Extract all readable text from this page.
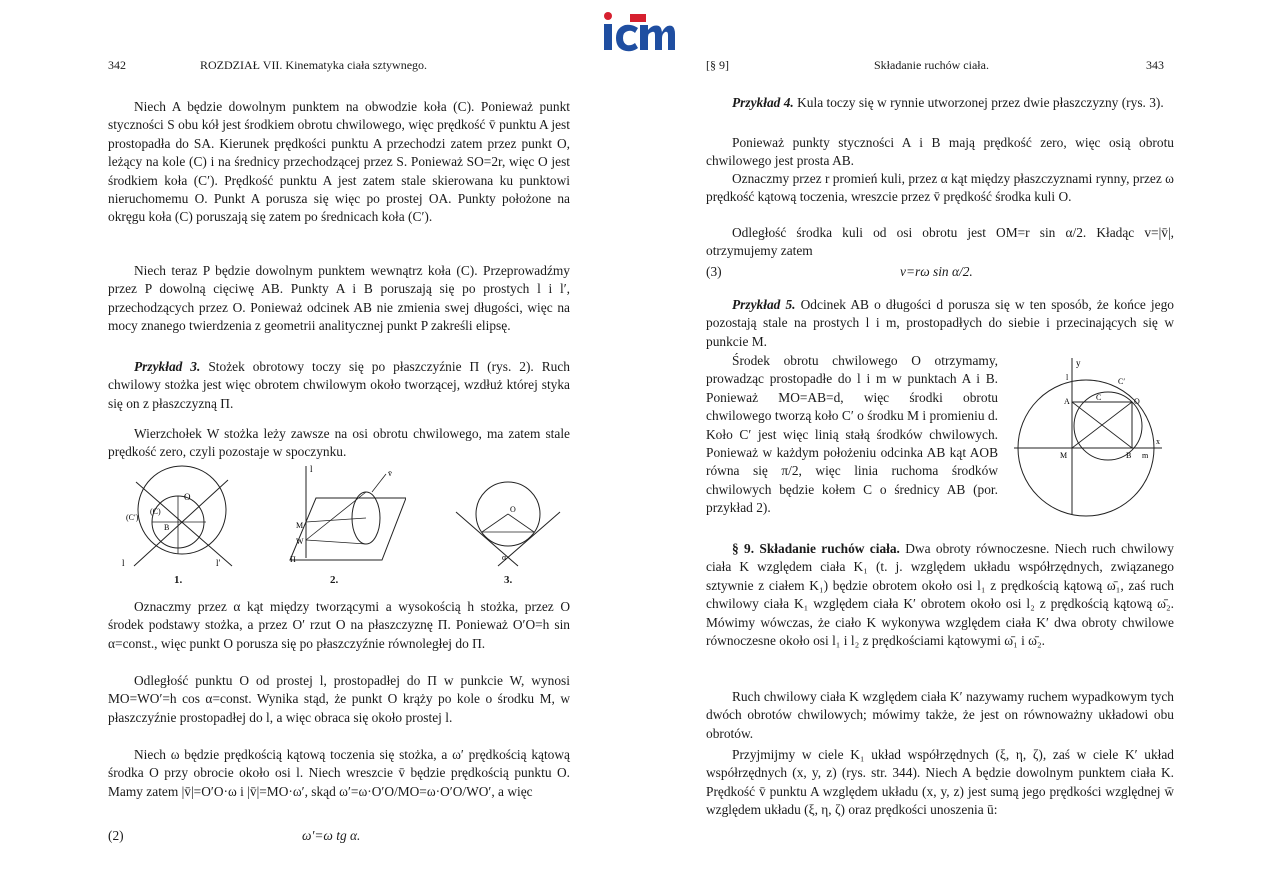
342	ROZDZIAŁ VII. Kinematyka ciała sztywnego.

Niech A będzie dowolnym punktem na obwodzie koła (C). Ponieważ punkt styczności S obu kół jest środkiem obrotu chwilowego, więc prędkość v̄ punktu A jest prostopadła do SA. Kierunek prędkości punktu A przechodzi zatem przez punkt O, leżący na kole (C) i na średnicy przechodzącej przez S. Ponieważ SO=2r, więc O jest środkiem koła (C′). Prędkość punktu A jest zatem stale skierowana ku punktowi nieruchomemu O. Punkt A porusza się więc po prostej OA. Punkty położone na okręgu koła (C) poruszają się zatem po średnicach koła (C′).

Niech teraz P będzie dowolnym punktem wewnątrz koła (C). Przeprowadźmy przez P dowolną cięciwę AB. Punkty A i B poruszają się po prostych l i l′, przechodzących przez O. Ponieważ odcinek AB nie zmienia swej długości, więc na mocy znanego twierdzenia z geometrii analitycznej punkt P zakreśli elipsę.

Przykład 3. Stożek obrotowy toczy się po płaszczyźnie Π (rys. 2). Ruch chwilowy stożka jest więc obrotem chwilowym około tworzącej, wzdłuż której styka się on z płaszczyzną Π.

Wierzchołek W stożka leży zawsze na osi obrotu chwilowego, ma zatem stale prędkość zero, czyli pozostaje w spoczynku.

O
B
(C′)
(C)
l	l′
1.
l	v̄
M
W
Π
2.
O
α
3.

Oznaczmy przez α kąt między tworzącymi a wysokością h stożka, przez O środek podstawy stożka, a przez O′ rzut O na płaszczyznę Π. Ponieważ O′O=h sin α=const., więc punkt O porusza się po płaszczyźnie równoległej do Π.

Odległość punktu O od prostej l, prostopadłej do Π w punkcie W, wynosi MO=WO′=h cos α=const. Wynika stąd, że punkt O krąży po kole o środku M, w płaszczyźnie prostopadłej do l, a więc obraca się około prostej l.

Niech ω będzie prędkością kątową toczenia się stożka, a ω′ prędkością kątową środka O przy obrocie około osi l. Niech wreszcie v̄ będzie prędkością punktu O. Mamy zatem |v̄|=O′O·ω i |v̄|=MO·ω′, skąd ω′=ω·O′O/MO=ω·O′O/WO′, a więc

(2)	ω′=ω tg α.
[§ 9]	Składanie ruchów ciała.	343

Przykład 4. Kula toczy się w rynnie utworzonej przez dwie płaszczyzny (rys. 3).

Ponieważ punkty styczności A i B mają prędkość zero, więc osią obrotu chwilowego jest prosta AB.

Oznaczmy przez r promień kuli, przez α kąt między płaszczyznami rynny, przez ω prędkość kątową toczenia, wreszcie przez v̄ prędkość środka kuli O.

Odległość środka kuli od osi obrotu jest OM=r sin α/2. Kładąc v=|v̄|, otrzymujemy zatem

(3)	v=rω sin α/2.

Przykład 5. Odcinek AB o długości d porusza się w ten sposób, że końce jego pozostają stale na prostych l i m, prostopadłych do siebie i przecinających się w punkcie M.

Środek obrotu chwilowego O otrzymamy, prowadząc prostopadłe do l i m w punktach A i B. Ponieważ MO=AB=d, więc środki obrotu chwilowego tworzą koło C′ o środku M i promieniu d. Koło C′ jest więc linią stałą środków chwilowych. Ponieważ w każdym położeniu odcinka AB kąt AOB równa się π/2, więc linia ruchoma środków chwilowych będzie kołem C o średnicy AB (por. przykład 2).

y
A	O
C′
C
M	B m
x
l

§ 9. Składanie ruchów ciała. Dwa obroty równoczesne. Niech ruch chwilowy ciała K względem ciała K₁ (t. j. względem układu współrzędnych, związanego sztywnie z ciałem K₁) będzie obrotem około osi l₁ z prędkością kątową ω̄₁, zaś ruch chwilowy ciała K₁ względem ciała K′ obrotem około osi l₂ z prędkością kątową ω̄₂. Mówimy wówczas, że ciało K wykonywa względem ciała K′ dwa obroty chwilowe równoczesne około osi l₁ i l₂ z prędkościami kątowymi ω̄₁ i ω̄₂.

Ruch chwilowy ciała K względem ciała K′ nazywamy ruchem wypadkowym tych dwóch obrotów chwilowych; mówimy także, że jest on równoważny układowi obu obrotów.

Przyjmijmy w ciele K₁ układ współrzędnych (ξ, η, ζ), zaś w ciele K′ układ współrzędnych (x, y, z) (rys. str. 344). Niech A będzie dowolnym punktem ciała K. Prędkość v̄ punktu A względem układu (x, y, z) jest sumą jego prędkości względnej w̄ względem układu (ξ, η, ζ) oraz prędkości unoszenia ū:
